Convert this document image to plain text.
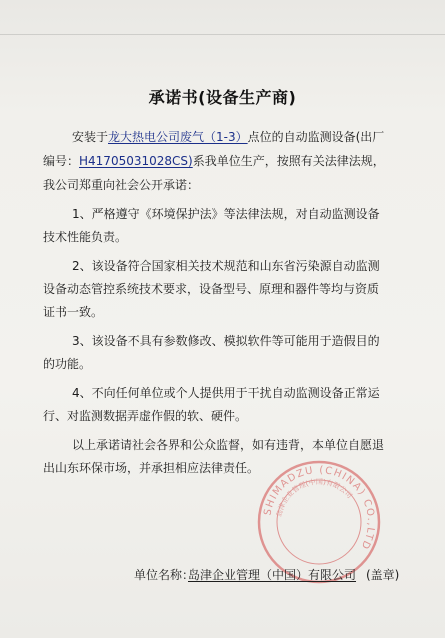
承诺书(设备生产商)
安装于龙大热电公司废气（1-3）点位的自动监测设备(出厂
编号：H41705031028CS)系我单位生产，按照有关法律法规，
我公司郑重向社会公开承诺：
1、严格遵守《环境保护法》等法律法规，对自动监测设备
技术性能负责。
2、该设备符合国家相关技术规范和山东省污染源自动监测
设备动态管控系统技术要求，设备型号、原理和器件等均与资质
证书一致。
3、该设备不具有参数修改、模拟软件等可能用于造假目的
的功能。
4、不向任何单位或个人提供用于干扰自动监测设备正常运
行、对监测数据弄虚作假的软、硬件。
以上承诺请社会各界和公众监督，如有违背，本单位自愿退
出山东环保市场，并承担相应法律责任。
SHIMADZU (CHINA) CO.,LTD
岛津企业管理(中国)有限公司
单位名称：
岛津企业管理（中国）有限公司 (盖章)
